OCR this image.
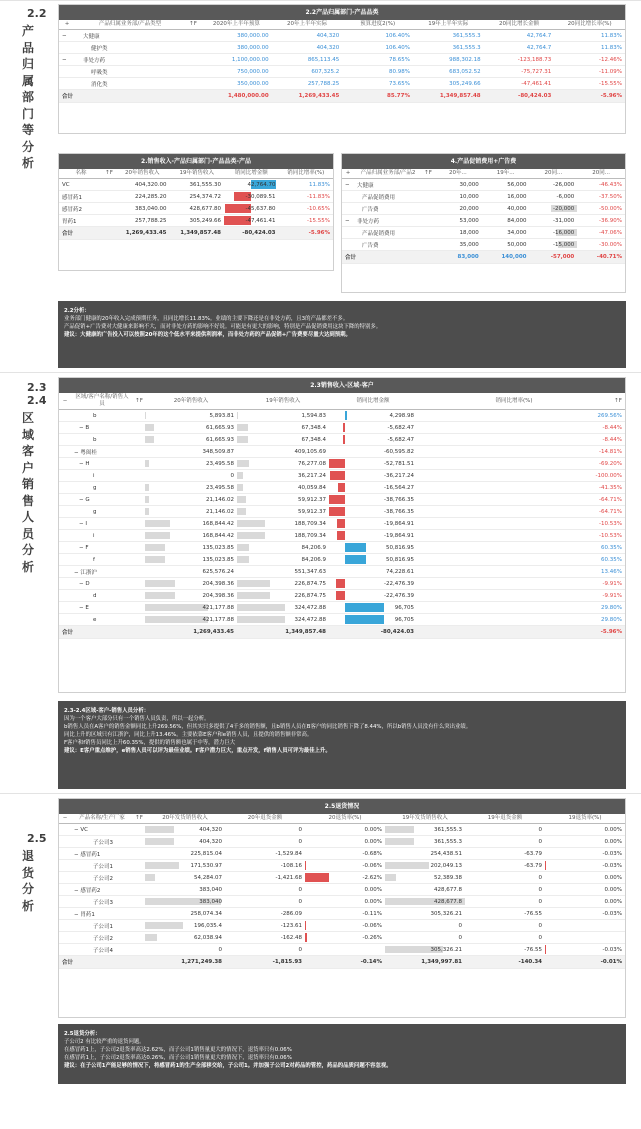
2.2
产品归属部门等分析
2.2产品归属部门-产品品类
+	产品归属业务部/产品类型	↑F	2020年上半年预算	20年上半年实际	预算进度2(%)	19年上半年实际	20同比增长金额	20同比增长率(%)
−	大健康		380,000.00	404,320	106.40%	361,555.3	42,764.7	11.83%
	健护类		380,000.00	404,320	106.40%	361,555.3	42,764.7	11.83%
−	非处方药		1,100,000.00	865,113.45	78.65%	988,302.18	-123,188.73	-12.46%
	呼吸类		750,000.00	607,325.2	80.98%	683,052.52	-75,727.31	-11.09%
	消化类		350,000.00	257,788.25	73.65%	305,249.66	-47,461.41	-15.55%
合计			1,480,000.00	1,269,433.45	85.77%	1,349,857.48	-80,424.03	-5.96%
2.销售收入-产品归属部门-产品品类-产品
名称	↑F	20年销售收入	19年销售收入	销同比增金额	销同比增率(%)
VC		404,320.00	361,555.30	42,764.70	11.83%
感冒药1		224,285.20	254,374.72	-30,089.51	-11.83%
感冒药2		383,040.00	428,677.80	-45,637.80	-10.65%
胃药1		257,788.25	305,249.66	-47,461.41	-15.55%
合计		1,269,433.45	1,349,857.48	-80,424.03	-5.96%
4.产品促销费用+广告费
+	产品归属业务部/产品2	↑F	20年...	19年...	20同...	20同...
−	大健康		30,000	56,000	-26,000	-46.43%
	产品促销费用		10,000	16,000	-6,000	-37.50%
	广告费		20,000	40,000	-20,000	-50.00%
−	非处方药		53,000	84,000	-31,000	-36.90%
	产品促销费用		18,000	34,000	-16,000	-47.06%
	广告费		35,000	50,000	-15,000	-30.00%
合计			83,000	140,000	-57,000	-40.71%
2.2分析：
业务部门健康的20年收入完成预期任务，且同比增长11.83%。业绩的主要下降还是在非处方药，且3的产品都差不多。
产品促销+广告费对大健康来影响不大，而对非处方药的影响不好说。可能是有更大的影响，特别是产品促销费用这块下降的特别多。
建议：大健康的广告投入可以按照20年的这个低水平来提供利润率，而非处方药的产品促销+广告费要尽量大达到预期。
2.3
2.4
区域客户销售人员分析
2.3销售收入-区域-客户
−	区域/客户名称/销售人员	↑F	20年销售收入	19年销售收入	销同比增金额	销同比增率(%)	↑F
	b		5,893.81	1,594.83	4,298.98	269.56%	
	− B		61,665.93	67,348.4	-5,682.47	-8.44%	
	b		61,665.93	67,348.4	-5,682.47	-8.44%	
	− 粤闽桂		348,509.87	409,105.69	-60,595.82	-14.81%	
	− H		23,495.58	76,277.08	-52,781.51	-69.20%	
	i		0	36,217.24	-36,217.24	-100.00%	
	g		23,495.58	40,059.84	-16,564.27	-41.35%	
	− G		21,146.02	59,912.37	-38,766.35	-64.71%	
	g		21,146.02	59,912.37	-38,766.35	-64.71%	
	− I		168,844.42	188,709.34	-19,864.91	-10.53%	
	i		168,844.42	188,709.34	-19,864.91	-10.53%	
	− F		135,023.85	84,206.9	50,816.95	60.35%	
	f		135,023.85	84,206.9	50,816.95	60.35%	
	− 江浙沪		625,576.24	551,347.63	74,228.61	13.46%	
	− D		204,398.36	226,874.75	-22,476.39	-9.91%	
	d		204,398.36	226,874.75	-22,476.39	-9.91%	
	− E		421,177.88	324,472.88	96,705	29.80%	
	e		421,177.88	324,472.88	96,705	29.80%	
合计			1,269,433.45	1,349,857.48	-80,424.03	-5.96%	
2.3-2.4区域-客户-销售人员分析：
因为一个客户大部分只有一个销售人员负责，所以一起分析。
b销售人员在A客户的销售金额同比上升269.56%，但其实只多提供了4千多的销售额，且b销售人员在B客户的同比销售下降了8.44%，所以b销售人员没有什么突出业绩。
同比上升的区域只有江浙沪，同比上升13.46%。主要依靠E客户和e销售人员，且提供的销售额非常高。
F客户和f销售员同比上升60.35%，提供的销售额也属于中等，潜力巨大
建议：E客户重点维护，e销售人员可以评为最佳业绩。F客户潜力巨大，重点开发，f销售人员可评为最佳上升。
2.5
退货分析
2.5退货情况
−	产品名称/生产厂家	↑F	20年发货销售收入	20年退货金额	20退货率(%)	19年发货销售收入	19年退货金额	19退货率(%)
	− VC		404,320	0	0.00%	361,555.3	0	0.00%
	子公司3		404,320	0	0.00%	361,555.3	0	0.00%
	− 感冒药1		225,815.04	-1,529.84	-0.68%	254,438.51	-63.79	-0.03%
	子公司1		171,530.97	-108.16	-0.06%	202,049.13	-63.79	-0.03%
	子公司2		54,284.07	-1,421.68	-2.62%	52,389.38	0	0.00%
	− 感冒药2		383,040	0	0.00%	428,677.8	0	0.00%
	子公司3		383,040	0	0.00%	428,677.8	0	0.00%
	− 胃药1		258,074.34	-286.09	-0.11%	305,326.21	-76.55	-0.03%
	子公司1		196,035.4	-123.61	-0.06%	0	0	
	子公司2		62,038.94	-162.48	-0.26%	0	0	
	子公司4		0	0		305,326.21	-76.55	-0.03%
合计			1,271,249.38	-1,815.93	-0.14%	1,349,997.81	-140.34	-0.01%
2.5退货分析：
子公司2 有比较严重的退货问题。
在感冒药1上，子公司2退货率高达2.62%，而子公司1销售量更大的情况下，退货率只有0.06%
在感冒药1上，子公司2退货率高达0.26%，而子公司1销售量更大的情况下，退货率只有0.06%
建议：在子公司1产能足够的情况下，将感冒药1的生产全部移交给，子公司1。并加强子公司2对药品的管控，药品的品质问题不容忽视。
